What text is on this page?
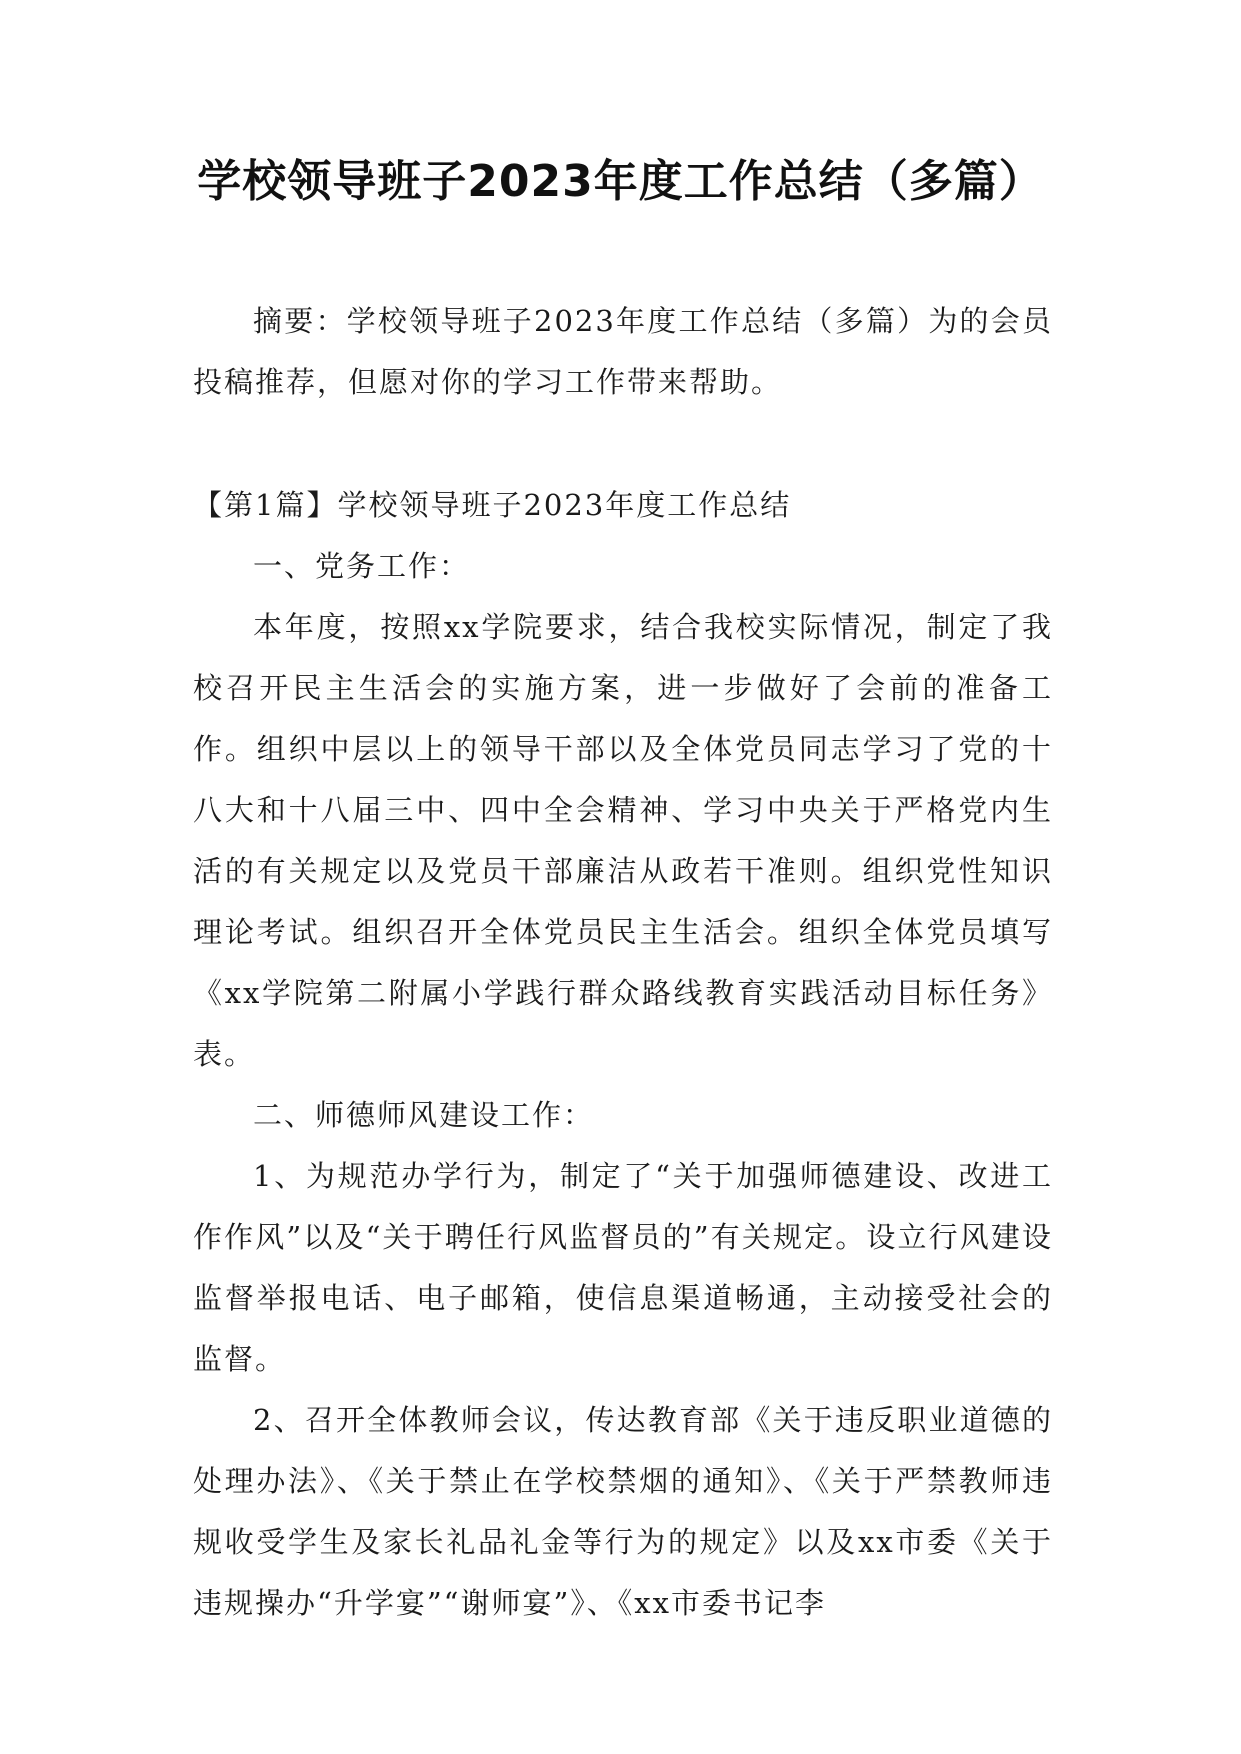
学校领导班子2023年度工作总结（多篇）

摘要：学校领导班子2023年度工作总结（多篇）为的会员投稿推荐，但愿对你的学习工作带来帮助。

【第1篇】学校领导班子2023年度工作总结

一、党务工作：

本年度，按照xx学院要求，结合我校实际情况，制定了我校召开民主生活会的实施方案，进一步做好了会前的准备工作。组织中层以上的领导干部以及全体党员同志学习了党的十八大和十八届三中、四中全会精神、学习中央关于严格党内生活的有关规定以及党员干部廉洁从政若干准则。组织党性知识理论考试。组织召开全体党员民主生活会。组织全体党员填写《xx学院第二附属小学践行群众路线教育实践活动目标任务》表。

二、师德师风建设工作：

1、为规范办学行为，制定了“关于加强师德建设、改进工作作风”以及“关于聘任行风监督员的”有关规定。设立行风建设监督举报电话、电子邮箱，使信息渠道畅通，主动接受社会的监督。

2、召开全体教师会议，传达教育部《关于违反职业道德的处理办法》、《关于禁止在学校禁烟的通知》、《关于严禁教师违规收受学生及家长礼品礼金等行为的规定》以及xx市委《关于违规操办“升学宴”“谢师宴”》、《xx市委书记李
